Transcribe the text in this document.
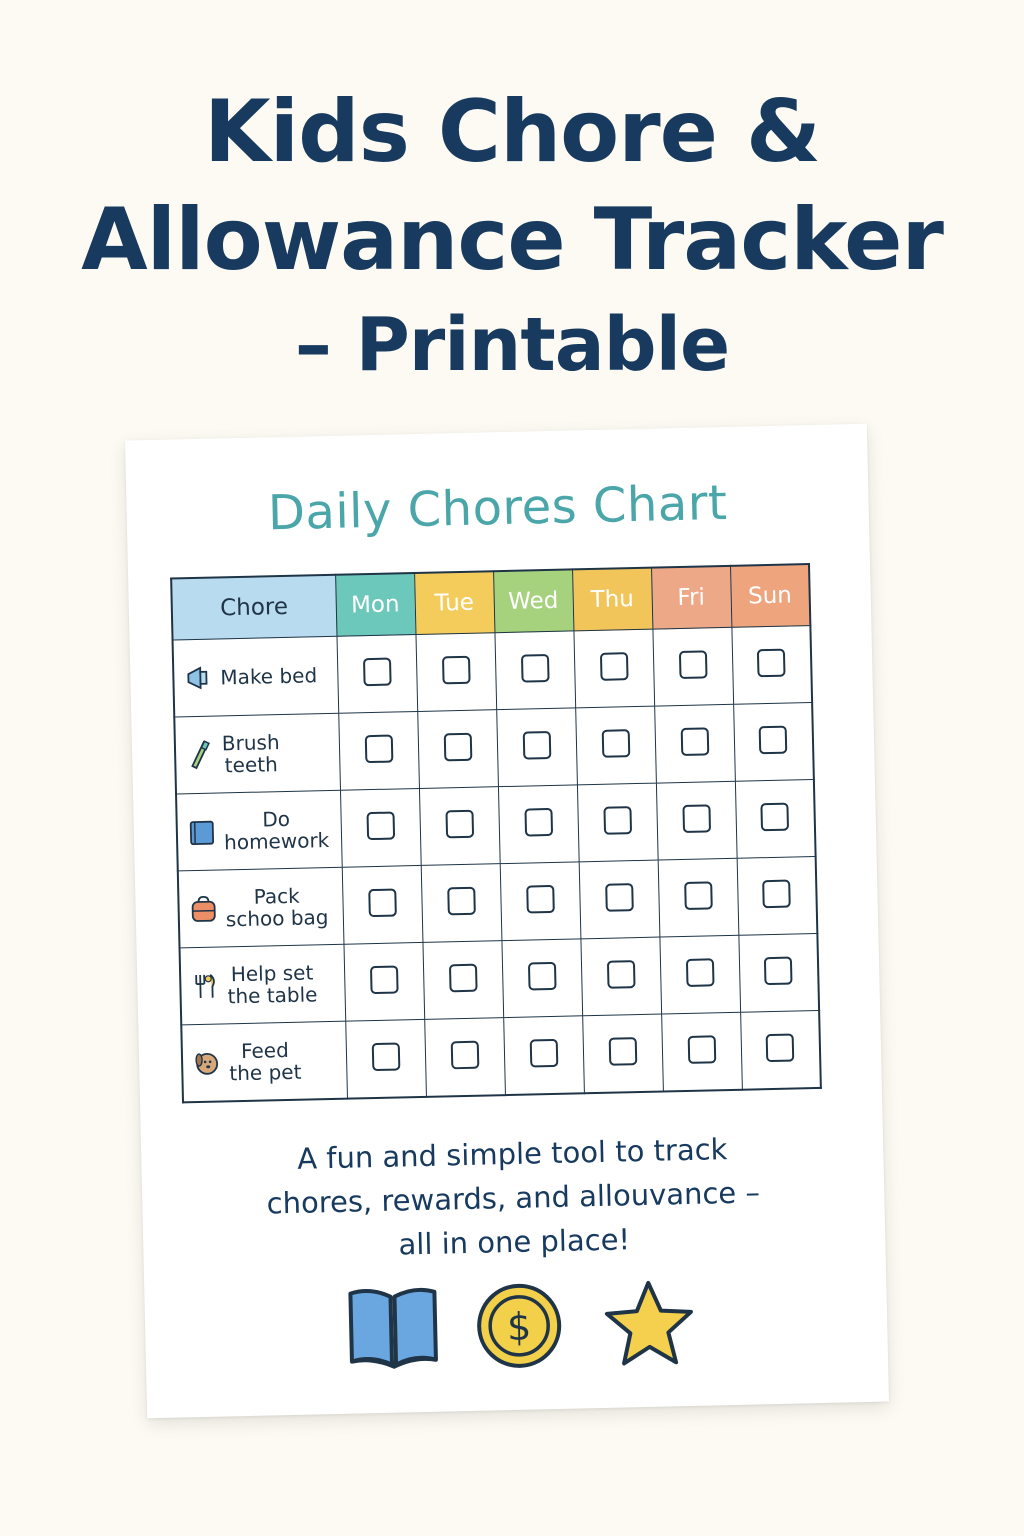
Kids Chore &
Allowance Tracker
– Printable
Daily Chores Chart
Chore	Mon	Tue	Wed	Thu	Fri	Sun

Make bed						

Brush
teeth						

Do
homework						

Pack
schoo bag						

Help set
the table						

Feed
the pet						

A fun and simple tool to track
chores, rewards, and allouvance –
all in one place!
$
